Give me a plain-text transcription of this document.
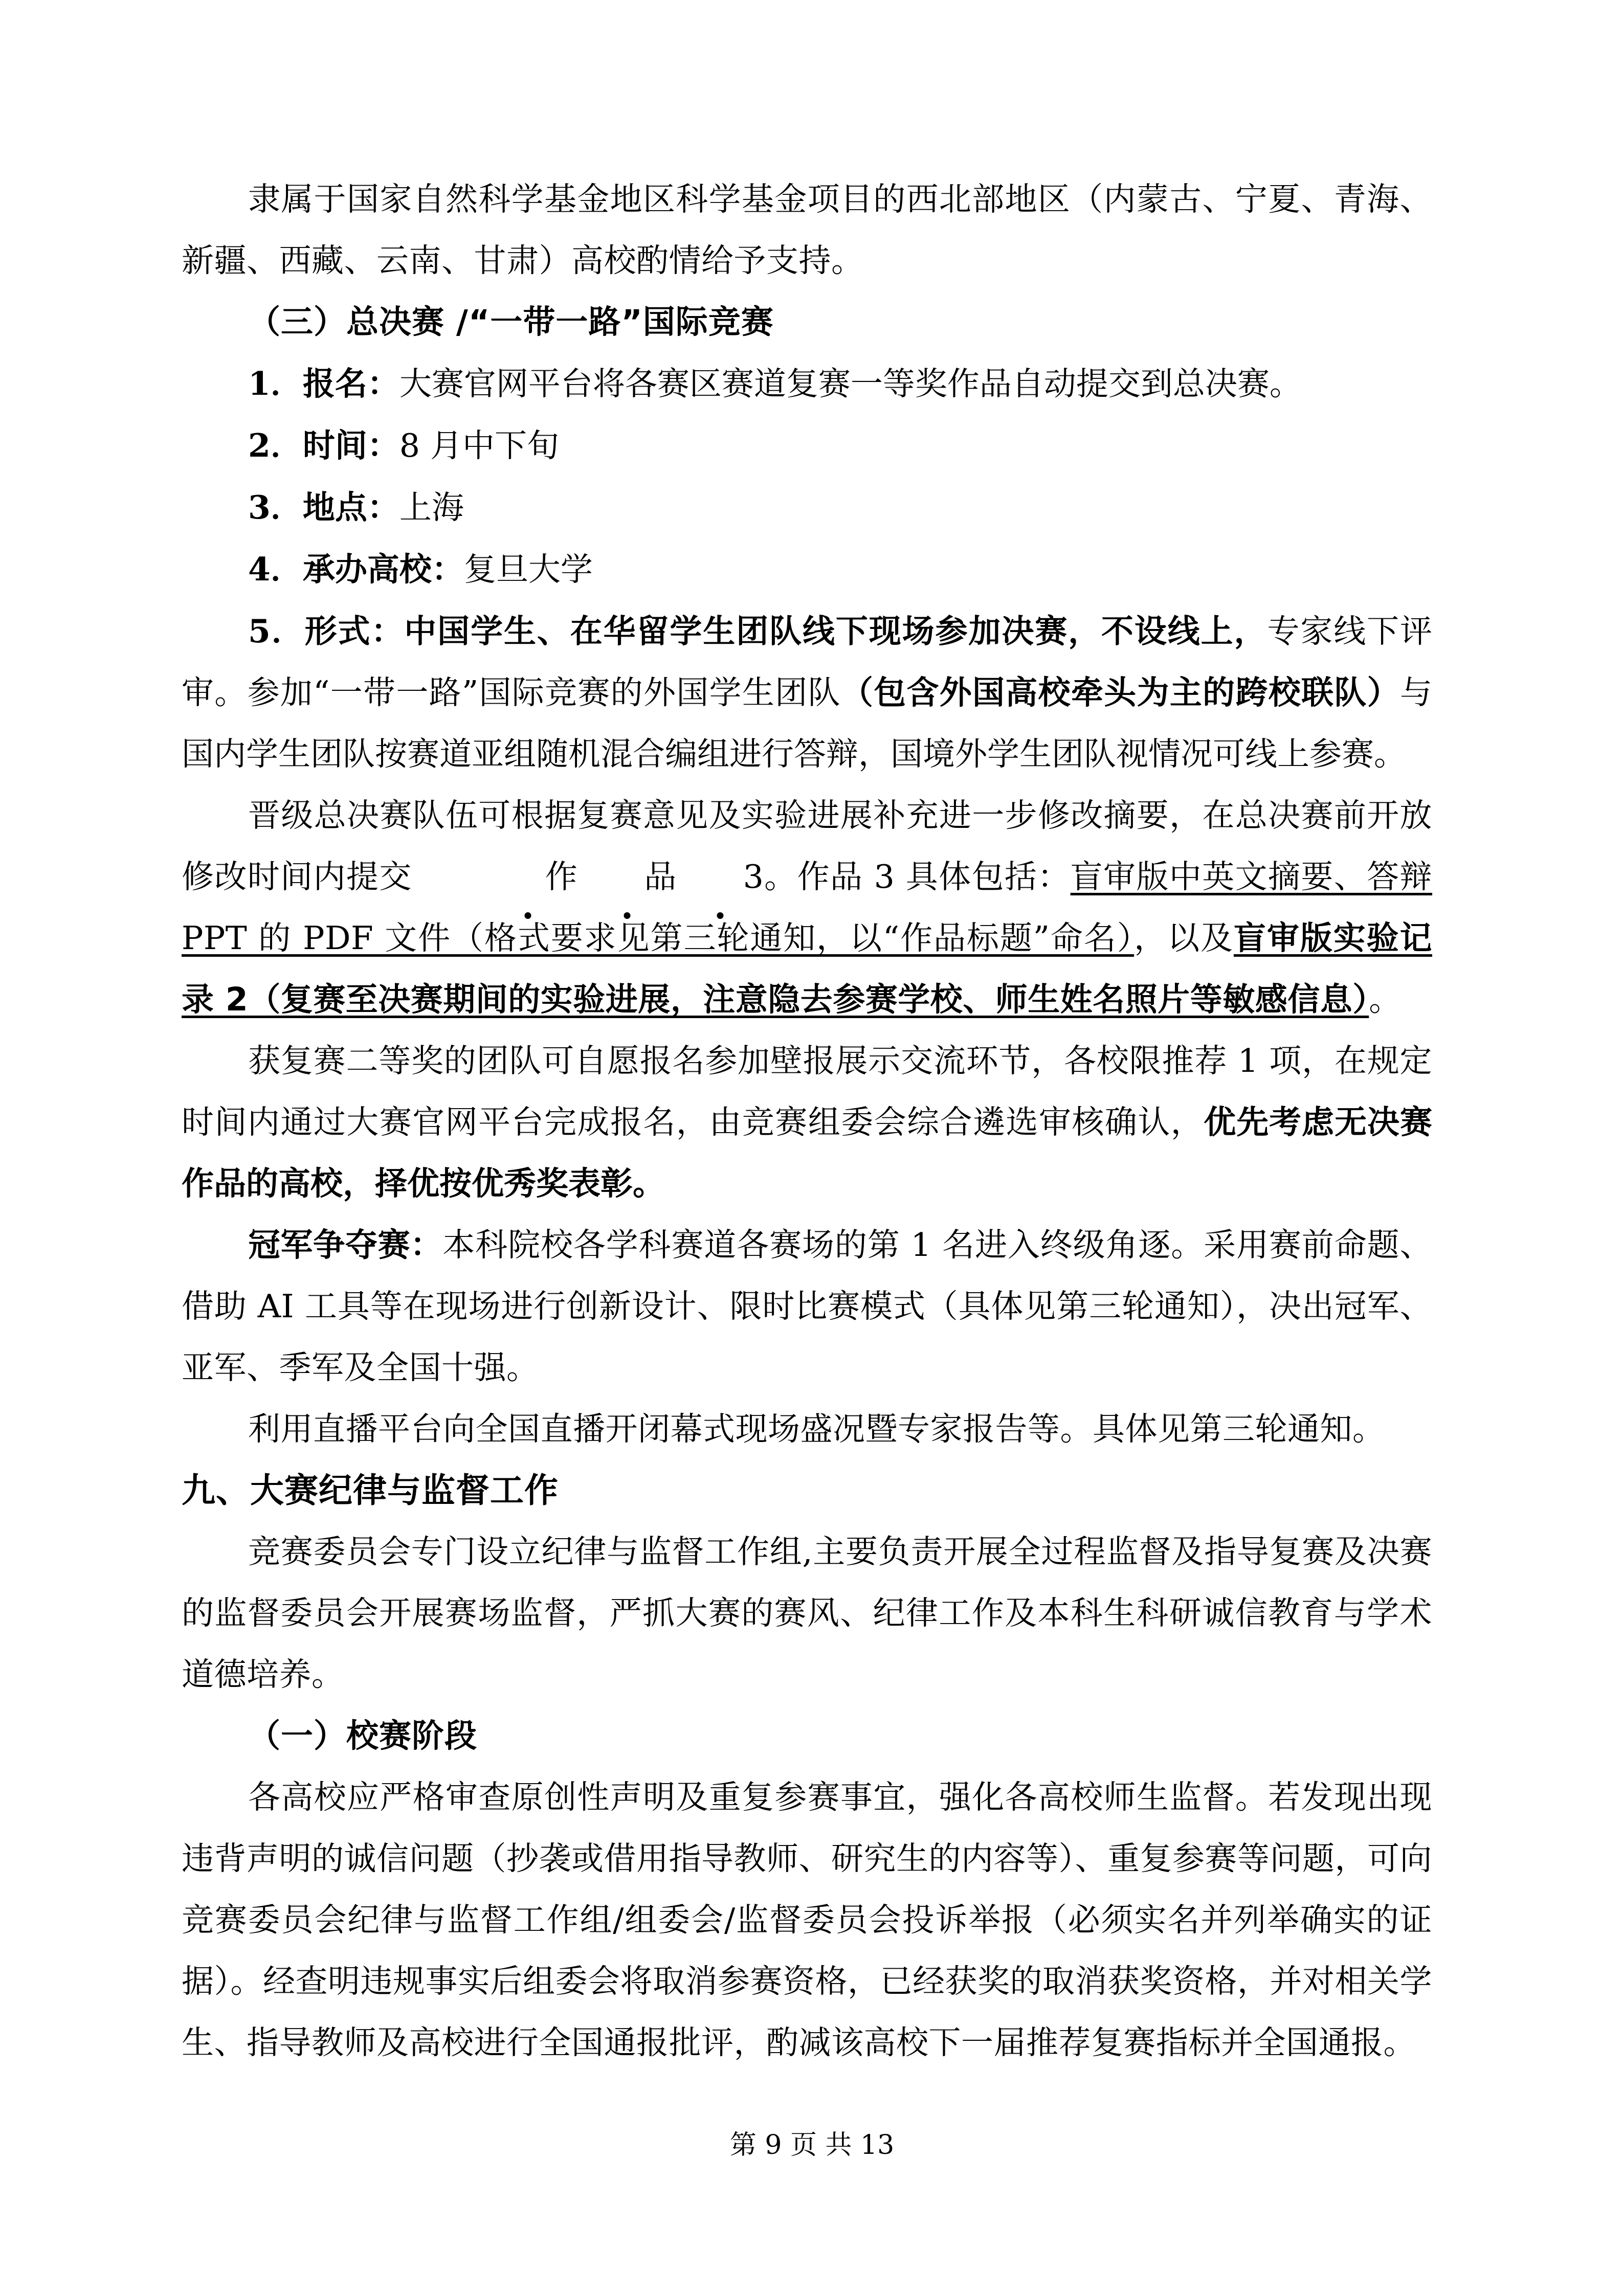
隶属于国家自然科学基金地区科学基金项目的西北部地区（内蒙古、宁夏、青海、新疆、西藏、云南、甘肃）高校酌情给予支持。

（三）总决赛 /“一带一路”国际竞赛

1．报名：大赛官网平台将各赛区赛道复赛一等奖作品自动提交到总决赛。

2．时间：8 月中下旬

3．地点：上海

4．承办高校：复旦大学

5．形式：中国学生、在华留学生团队线下现场参加决赛，不设线上，专家线下评审。参加“一带一路”国际竞赛的外国学生团队（包含外国高校牵头为主的跨校联队）与国内学生团队按赛道亚组随机混合编组进行答辩，国境外学生团队视情况可线上参赛。

晋级总决赛队伍可根据复赛意见及实验进展补充进一步修改摘要，在总决赛前开放修改时间内提交	作 品 3。作品 3 具体包括：盲审版中英文摘要、答辩 PPT 的 PDF 文件（格式要求见第三轮通知，以“作品标题”命名），以及盲审版实验记录 2（复赛至决赛期间的实验进展，注意隐去参赛学校、师生姓名照片等敏感信息）。

获复赛二等奖的团队可自愿报名参加壁报展示交流环节，各校限推荐 1 项，在规定时间内通过大赛官网平台完成报名，由竞赛组委会综合遴选审核确认，优先考虑无决赛作品的高校，择优按优秀奖表彰。

冠军争夺赛：本科院校各学科赛道各赛场的第 1 名进入终级角逐。采用赛前命题、借助 AI 工具等在现场进行创新设计、限时比赛模式（具体见第三轮通知），决出冠军、亚军、季军及全国十强。

利用直播平台向全国直播开闭幕式现场盛况暨专家报告等。具体见第三轮通知。

九、大赛纪律与监督工作

竞赛委员会专门设立纪律与监督工作组,主要负责开展全过程监督及指导复赛及决赛的监督委员会开展赛场监督，严抓大赛的赛风、纪律工作及本科生科研诚信教育与学术道德培养。

（一）校赛阶段

各高校应严格审查原创性声明及重复参赛事宜，强化各高校师生监督。若发现出现违背声明的诚信问题（抄袭或借用指导教师、研究生的内容等）、重复参赛等问题，可向竞赛委员会纪律与监督工作组/组委会/监督委员会投诉举报（必须实名并列举确实的证据）。经查明违规事实后组委会将取消参赛资格，已经获奖的取消获奖资格，并对相关学生、指导教师及高校进行全国通报批评，酌减该高校下一届推荐复赛指标并全国通报。

第 9 页 共 13
